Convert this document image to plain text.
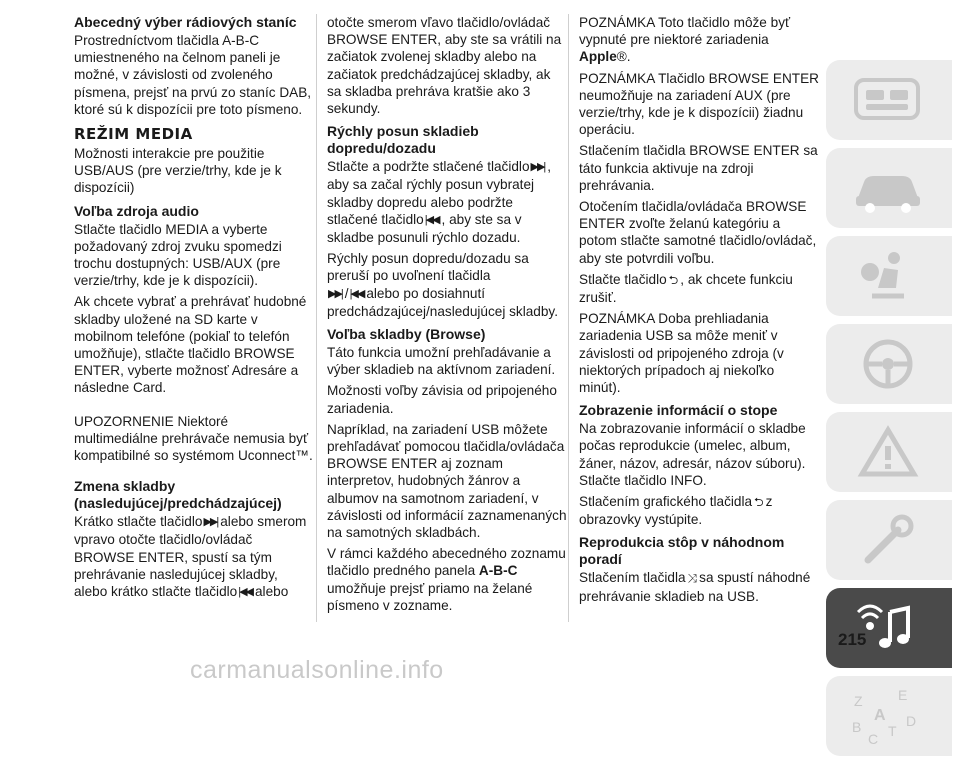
Abecedný výber rádiových staníc

Prostredníctvom tlačidla A-B-C umiestneného na čelnom paneli je možné, v závislosti od zvoleného písmena, prejsť na prvú zo staníc DAB, ktoré sú k dispozícii pre toto písmeno.

REŽIM MEDIA

Možnosti interakcie pre použitie USB/AUS (pre verzie/trhy, kde je k dispozícii)

Voľba zdroja audio

Stlačte tlačidlo MEDIA a vyberte požadovaný zdroj zvuku spomedzi trochu dostupných: USB/AUX (pre verzie/trhy, kde je k dispozícii).

Ak chcete vybrať a prehrávať hudobné skladby uložené na SD karte v mobilnom telefóne (pokiaľ to telefón umožňuje), stlačte tlačidlo BROWSE ENTER, vyberte možnosť Adresáre a následne Card.

UPOZORNENIE Niektoré multimediálne prehrávače nemusia byť kompatibilné so systémom Uconnect™.

Zmena skladby (nasledujúcej/predchádzajúcej)

Krátko stlačte tlačidlo▶▶| alebo smerom vpravo otočte tlačidlo/ovládač BROWSE ENTER, spustí sa tým prehrávanie nasledujúcej skladby, alebo krátko stlačte tlačidlo|◀◀ alebo

otočte smerom vľavo tlačidlo/ovládač BROWSE ENTER, aby ste sa vrátili na začiatok zvolenej skladby alebo na začiatok predchádzajúcej skladby, ak sa skladba prehráva kratšie ako 3 sekundy.

Rýchly posun skladieb dopredu/dozadu

Stlačte a podržte stlačené tlačidlo▶▶| , aby sa začal rýchly posun vybratej skladby dopredu alebo podržte stlačené tlačidlo|◀◀ , aby ste sa v skladbe posunuli rýchlo dozadu.

Rýchly posun dopredu/dozadu sa preruší po uvoľnení tlačidla
▶▶| /|◀◀ alebo po dosiahnutí predchádzajúcej/nasledujúcej skladby.

Voľba skladby (Browse)

Táto funkcia umožní prehľadávanie a výber skladieb na aktívnom zariadení.

Možnosti voľby závisia od pripojeného zariadenia.

Napríklad, na zariadení USB môžete prehľadávať pomocou tlačidla/ovládača BROWSE ENTER aj zoznam interpretov, hudobných žánrov a albumov na samotnom zariadení, v závislosti od informácií zaznamenaných na samotných skladbách.

V rámci každého abecedného zoznamu tlačidlo predného panela A-B-C umožňuje prejsť priamo na želané písmeno v zozname.

POZNÁMKA Toto tlačidlo môže byť vypnuté pre niektoré zariadenia Apple®.

POZNÁMKA Tlačidlo BROWSE ENTER neumožňuje na zariadení AUX (pre verzie/trhy, kde je k dispozícii) žiadnu operáciu.

Stlačením tlačidla BROWSE ENTER sa táto funkcia aktivuje na zdroji prehrávania.

Otočením tlačidla/ovládača BROWSE ENTER zvoľte želanú kategóriu a potom stlačte samotné tlačidlo/ovládač, aby ste potvrdili voľbu.

Stlačte tlačidlo ⮌ , ak chcete funkciu zrušiť.

POZNÁMKA Doba prehliadania zariadenia USB sa môže meniť v závislosti od pripojeného zdroja (v niektorých prípadoch aj niekoľko minút).

Zobrazenie informácií o stope

Na zobrazovanie informácií o skladbe počas reprodukcie (umelec, album, žáner, názov, adresár, názov súboru). Stlačte tlačidlo INFO.

Stlačením grafického tlačidla ⮌ z obrazovky vystúpite.

Reprodukcia stôp v náhodnom poradí

Stlačením tlačidla ⤨ sa spustí náhodné prehrávanie skladieb na USB.

Z	E
A
B
C T
D
215
carmanualsonline.info
